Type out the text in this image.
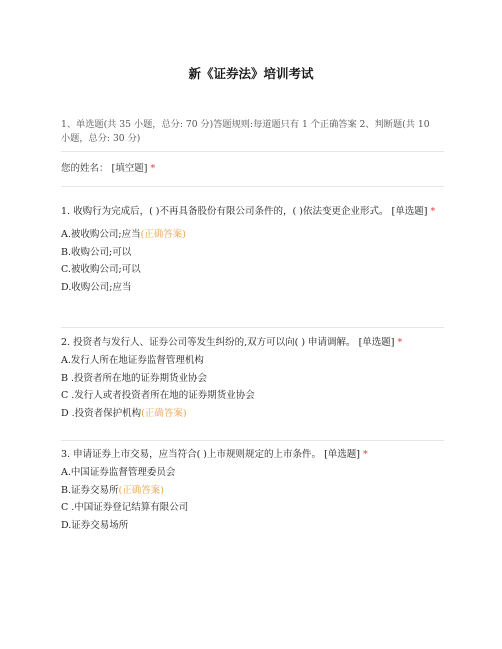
新《证券法》培训考试
1、单选题(共 35 小题，总分: 70 分)答题规则:每道题只有 1 个正确答案 2、判断题(共 10 小题，总分: 30 分)
您的姓名： [填空题] *
1. 收购行为完成后，( )不再具备股份有限公司条件的，( )依法变更企业形式。 [单选题] *
A.被收购公司;应当(正确答案)
B.收购公司;可以
C.被收购公司;可以
D.收购公司;应当
2. 投资者与发行人、证券公司等发生纠纷的,双方可以向( ) 申请调解。 [单选题] *
A.发行人所在地证券监督管理机构
B .投资者所在地的证券期货业协会
C .发行人或者投资者所在地的证券期货业协会
D .投资者保护机构(正确答案)
3. 申请证券上市交易，应当符合( )上市规则规定的上市条件。 [单选题] *
A.中国证券监督管理委员会
B.证券交易所(正确答案)
C .中国证券登记结算有限公司
D.证券交易场所
